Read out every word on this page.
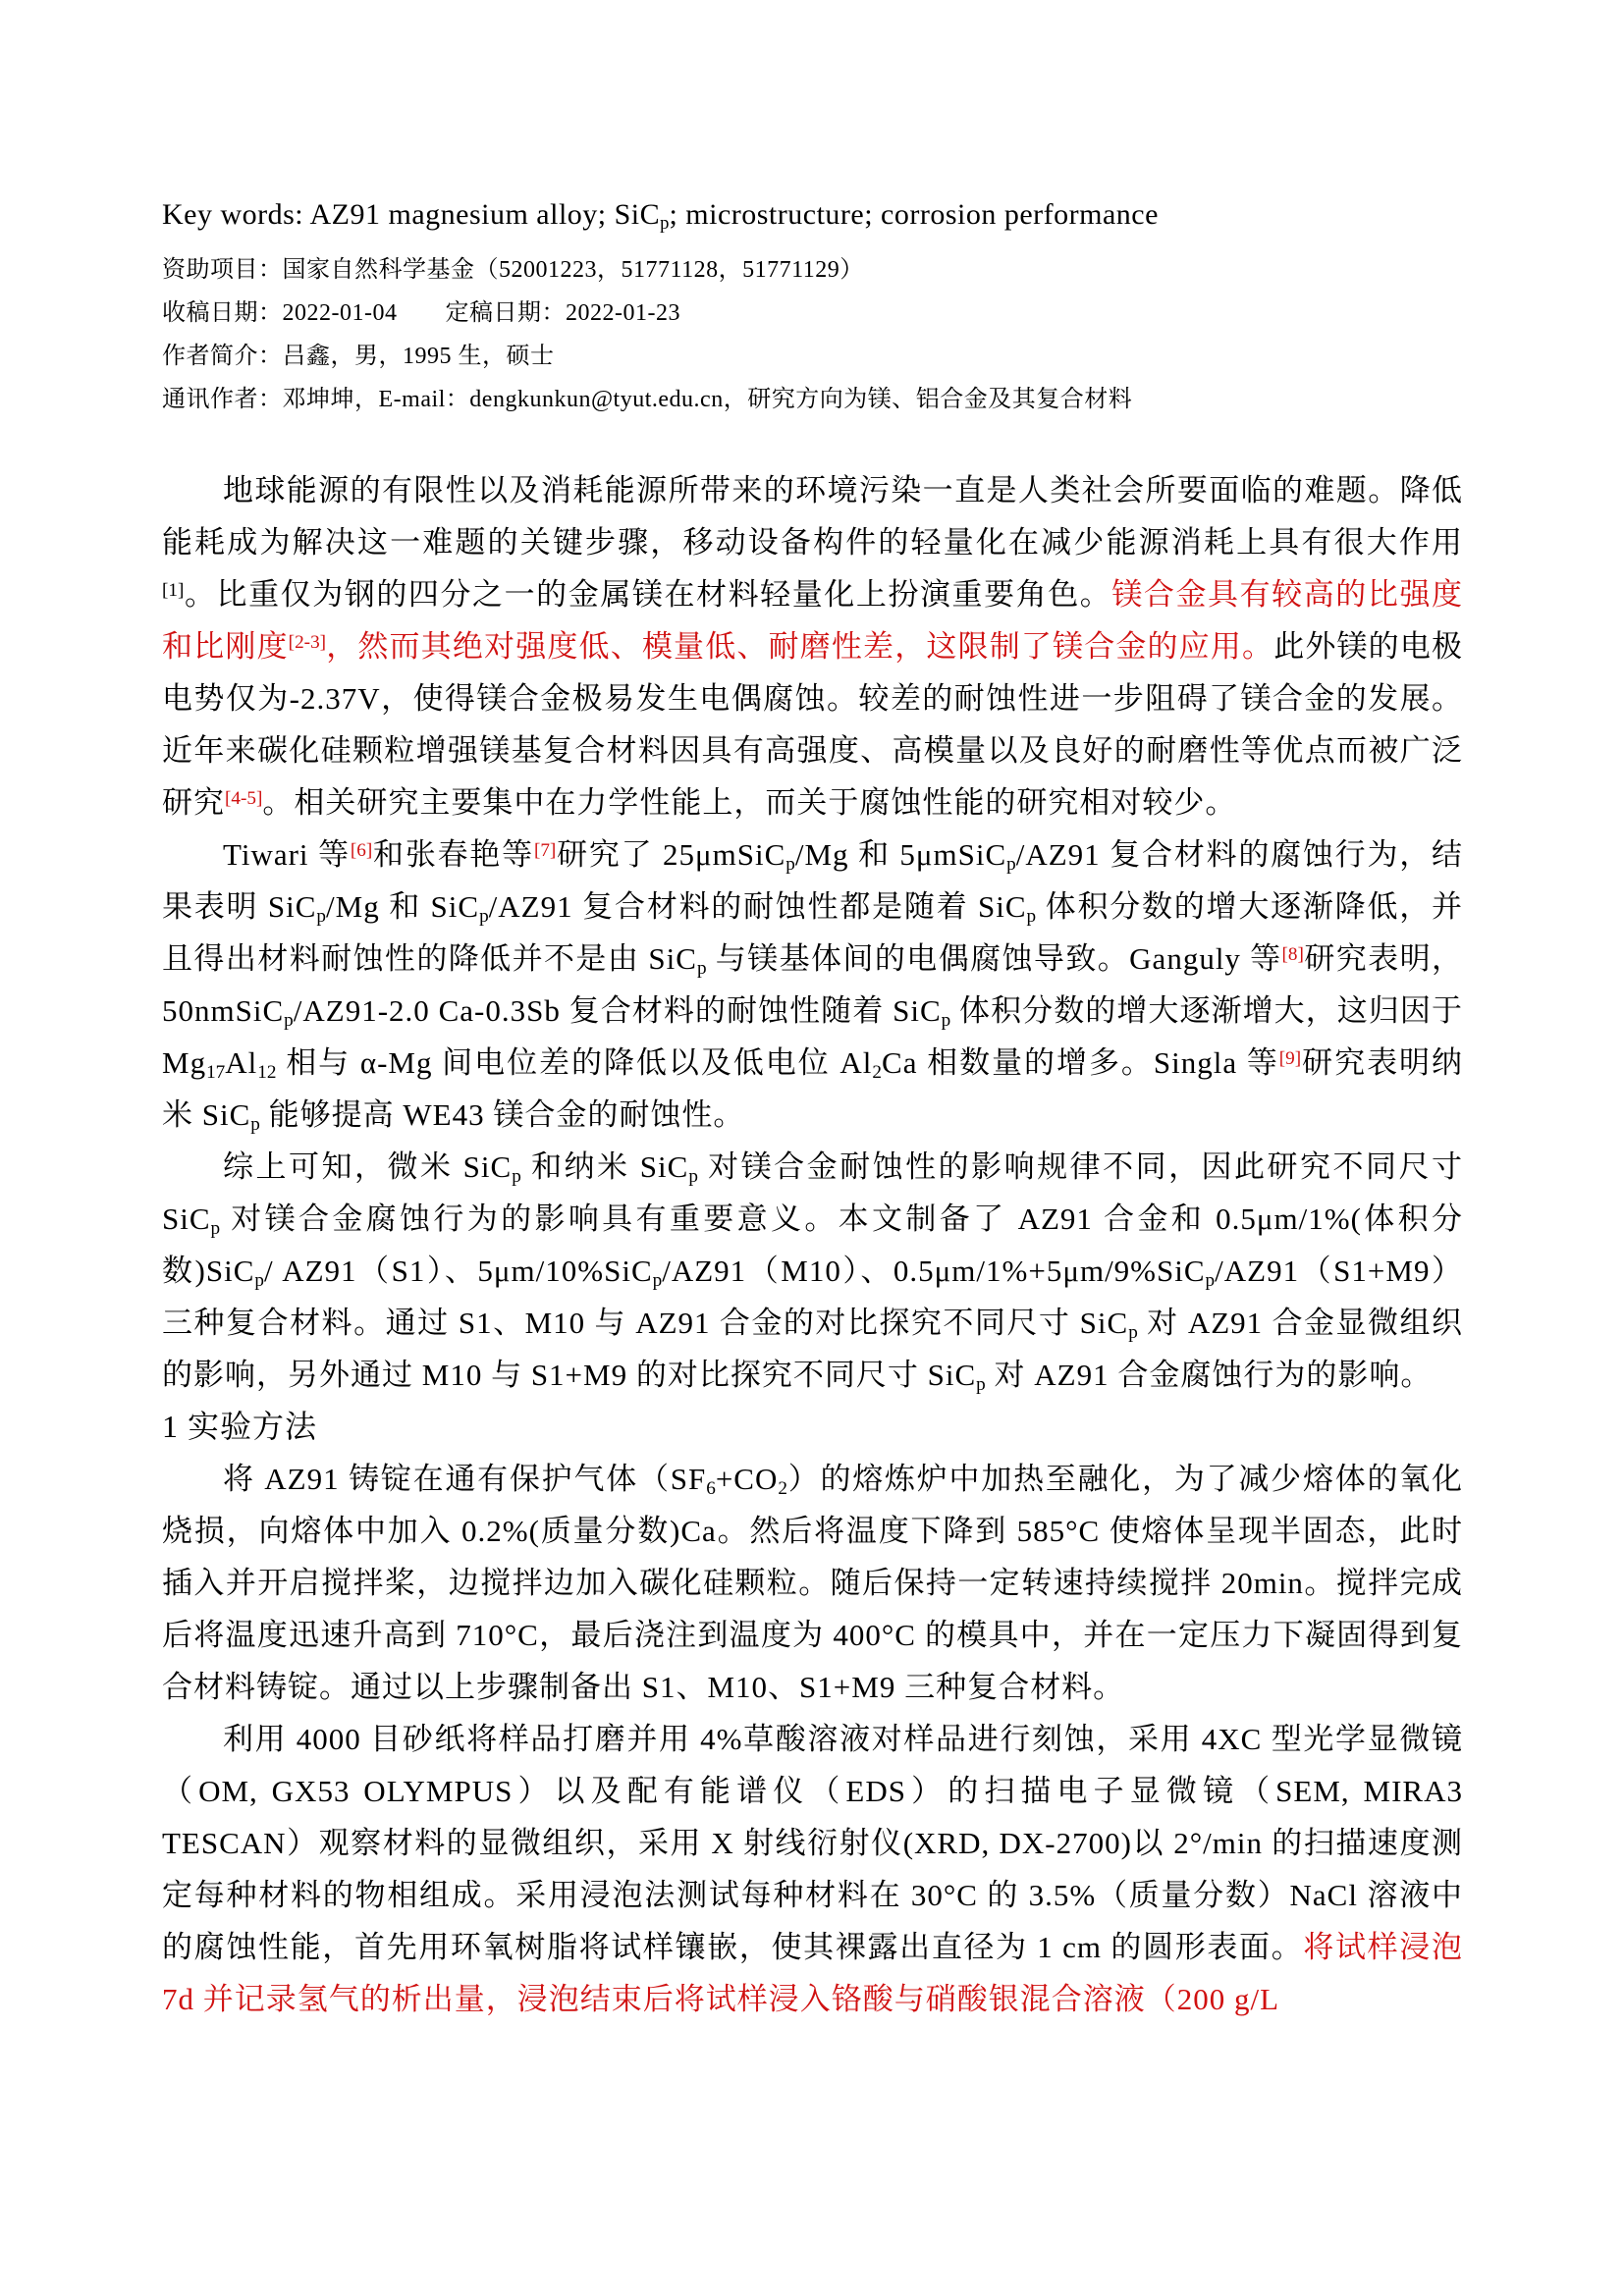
Key words: AZ91 magnesium alloy; SiC$_p$; microstructure; corrosion performance

资助项目：国家自然科学基金（52001223，51771128，51771129）

收稿日期：2022-01-04　　定稿日期：2022-01-23

作者简介：吕鑫，男，1995 生，硕士

通讯作者：邓坤坤，E-mail：dengkunkun@tyut.edu.cn，研究方向为镁、铝合金及其复合材料

地球能源的有限性以及消耗能源所带来的环境污染一直是人类社会所要面临的难题。降低能耗成为解决这一难题的关键步骤，移动设备构件的轻量化在减少能源消耗上具有很大作用[1]。比重仅为钢的四分之一的金属镁在材料轻量化上扮演重要角色。镁合金具有较高的比强度和比刚度[2-3]，然而其绝对强度低、模量低、耐磨性差，这限制了镁合金的应用。此外镁的电极电势仅为-2.37V，使得镁合金极易发生电偶腐蚀。较差的耐蚀性进一步阻碍了镁合金的发展。近年来碳化硅颗粒增强镁基复合材料因具有高强度、高模量以及良好的耐磨性等优点而被广泛研究[4-5]。相关研究主要集中在力学性能上，而关于腐蚀性能的研究相对较少。

Tiwari 等[6]和张春艳等[7]研究了 25μmSiC$_p$/Mg 和 5μmSiC$_p$/AZ91 复合材料的腐蚀行为，结果表明 SiC$_p$/Mg 和 SiC$_p$/AZ91 复合材料的耐蚀性都是随着 SiC$_p$ 体积分数的增大逐渐降低，并且得出材料耐蚀性的降低并不是由 SiC$_p$ 与镁基体间的电偶腐蚀导致。Ganguly 等[8]研究表明，50nmSiC$_p$/AZ91-2.0 Ca-0.3Sb 复合材料的耐蚀性随着 SiC$_p$ 体积分数的增大逐渐增大，这归因于 $Mg_{17}Al_{12}$ 相与 α-Mg 间电位差的降低以及低电位 $Al_2Ca$ 相数量的增多。Singla 等[9]研究表明纳米 SiC$_p$ 能够提高 WE43 镁合金的耐蚀性。

综上可知，微米 SiC$_p$ 和纳米 SiC$_p$ 对镁合金耐蚀性的影响规律不同，因此研究不同尺寸 SiC$_p$ 对镁合金腐蚀行为的影响具有重要意义。本文制备了 AZ91 合金和 0.5μm/1%(体积分数)SiC$_p$/ AZ91（S1）、5μm/10%SiC$_p$/AZ91（M10）、0.5μm/1%+5μm/9%SiC$_p$/AZ91（S1+M9）三种复合材料。通过 S1、M10 与 AZ91 合金的对比探究不同尺寸 SiC$_p$ 对 AZ91 合金显微组织的影响，另外通过 M10 与 S1+M9 的对比探究不同尺寸 SiC$_p$ 对 AZ91 合金腐蚀行为的影响。

1 实验方法

将 AZ91 铸锭在通有保护气体$(SF_6+CO_2)$的熔炼炉中加热至融化，为了减少熔体的氧化烧损，向熔体中加入 0.2%(质量分数)Ca。然后将温度下降到 585°C 使熔体呈现半固态，此时插入并开启搅拌桨，边搅拌边加入碳化硅颗粒。随后保持一定转速持续搅拌 20min。搅拌完成后将温度迅速升高到 710°C，最后浇注到温度为 400°C 的模具中，并在一定压力下凝固得到复合材料铸锭。通过以上步骤制备出 S1、M10、S1+M9 三种复合材料。

利用 4000 目砂纸将样品打磨并用 4%草酸溶液对样品进行刻蚀，采用 4XC 型光学显微镜（OM, GX53 OLYMPUS）以及配有能谱仪（EDS）的扫描电子显微镜（SEM, MIRA3 TESCAN）观察材料的显微组织，采用 X 射线衍射仪(XRD, DX-2700)以 2°/min 的扫描速度测定每种材料的物相组成。采用浸泡法测试每种材料在 30°C 的 3.5%（质量分数）NaCl 溶液中的腐蚀性能，首先用环氧树脂将试样镶嵌，使其裸露出直径为 1 cm 的圆形表面。将试样浸泡 7d 并记录氢气的析出量，浸泡结束后将试样浸入铬酸与硝酸银混合溶液（200 g/L
